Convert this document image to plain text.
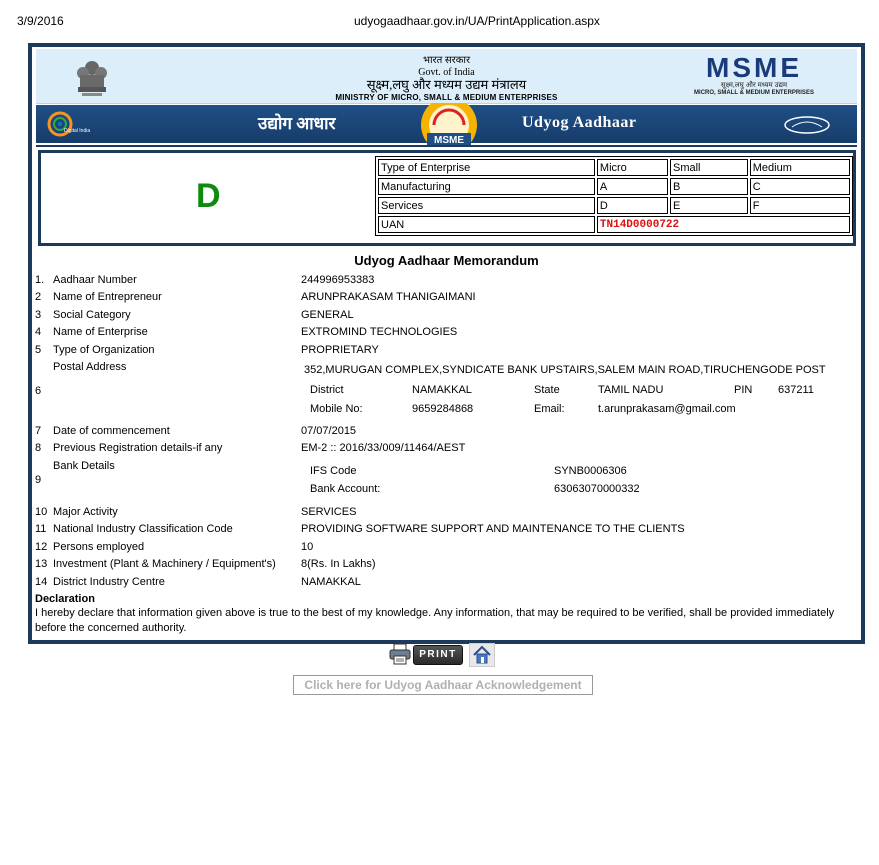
3/9/2016	udyogaadhaar.gov.in/UA/PrintApplication.aspx
भारत सरकार
Govt. of India
सूक्ष्म,लघु और मध्यम उद्यम मंत्रालय
MINISTRY OF MICRO, SMALL & MEDIUM ENTERPRISES
MSME
सूक्ष्म,लघु और मध्यम उद्यम
MICRO, SMALL & MEDIUM ENTERPRISES
Digital India	उद्योग आधार
MSME
Udyog Aadhaar
D
Type of Enterprise	Micro	Small	Medium
Manufacturing	A	B	C
Services	D	E	F
UAN	TN14D0000722		
Udyog Aadhaar Memorandum
1. Aadhaar Number	244996953383
2 Name of Entrepreneur	ARUNPRAKASAM THANIGAIMANI
3 Social Category	GENERAL
4 Name of Enterprise	EXTROMIND TECHNOLOGIES
5 Type of Organization	PROPRIETARY
Postal Address
6
352,MURUGAN COMPLEX,SYNDICATE BANK UPSTAIRS,SALEM MAIN ROAD,TIRUCHENGODE POST
District	NAMAKKAL	State	TAMIL NADU	PIN 637211
Mobile No:	9659284868	Email:	t.arunprakasam@gmail.com
7 Date of commencement	07/07/2015
8 Previous Registration details-if any	EM-2 :: 2016/33/009/11464/AEST
Bank Details
9
IFS Code	SYNB0006306
Bank Account:	63063070000332
10 Major Activity	SERVICES
11 National Industry Classification Code	PROVIDING SOFTWARE SUPPORT AND MAINTENANCE TO THE CLIENTS
12 Persons employed	10
13 Investment (Plant & Machinery / Equipment's) 8(Rs. In Lakhs)
14 District Industry Centre	NAMAKKAL
Declaration
I hereby declare that information given above is true to the best of my knowledge. Any information, that may be required to be verified, shall be provided immediately before the concerned authority.
PRINT
Click here for Udyog Aadhaar Acknowledgement
